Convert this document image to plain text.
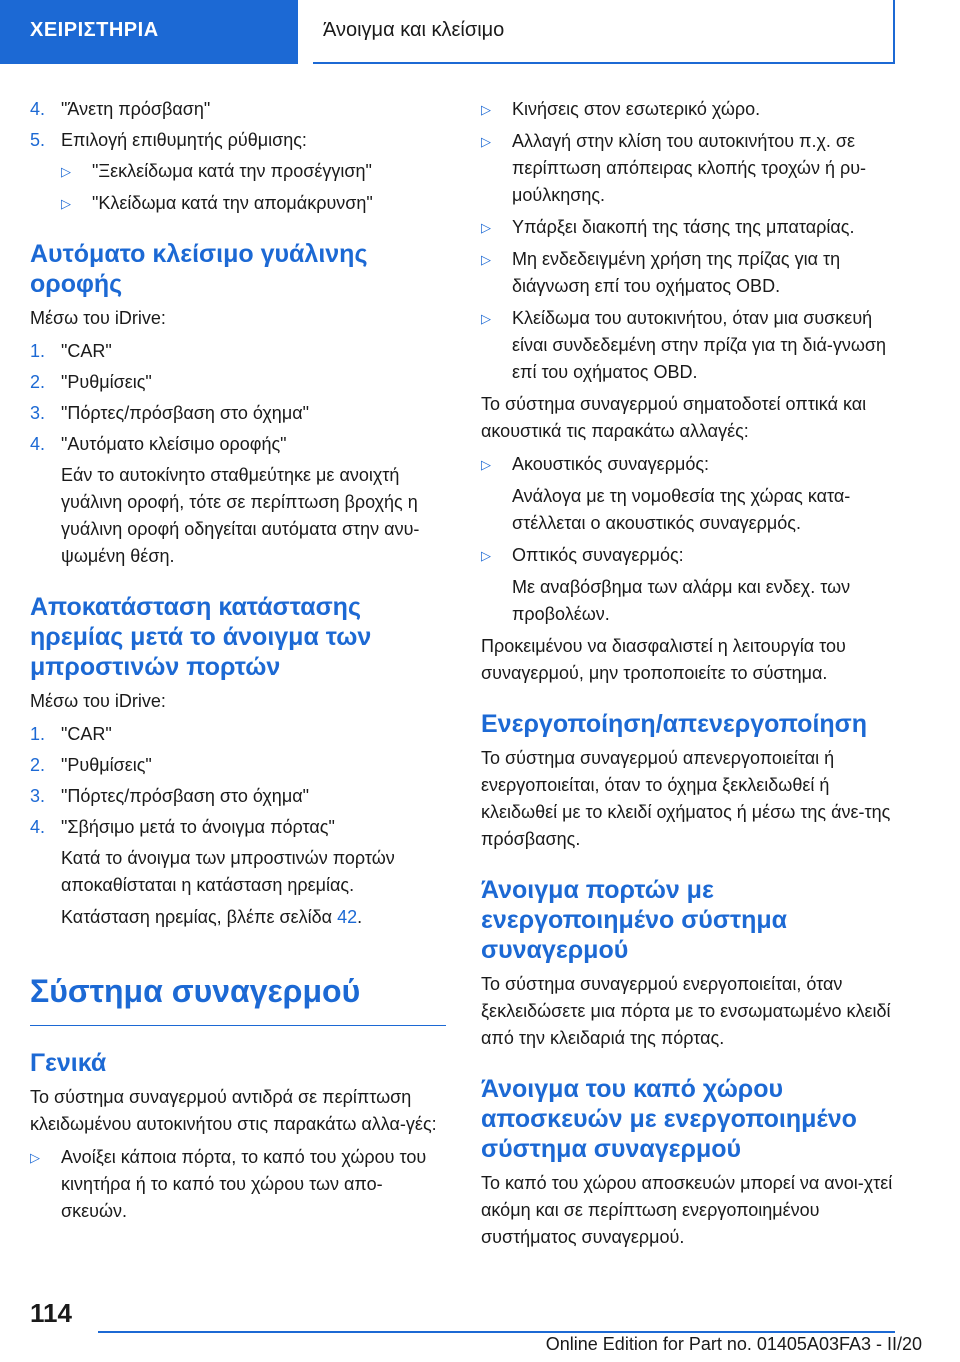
ΧΕΙΡΙΣΤΗΡΙΑ	Άνοιγμα και κλείσιμο
4. "Άνετη πρόσβαση"
5. Επιλογή επιθυμητής ρύθμισης:
▷	"Ξεκλείδωμα κατά την προσέγγιση"
▷	"Κλείδωμα κατά την απομάκρυνση"
Αυτόματο κλείσιμο γυάλινης οροφής

Μέσω του iDrive:

1. "CAR"
2. "Ρυθμίσεις"
3. "Πόρτες/πρόσβαση στο όχημα"
4. "Αυτόματο κλείσιμο οροφής"

Εάν το αυτοκίνητο σταθμεύτηκε με ανοιχτή γυάλινη οροφή, τότε σε περίπτωση βροχής η γυάλινη οροφή οδηγείται αυτόματα στην ανυ-ψωμένη θέση.

Αποκατάσταση κατάστασης ηρεμίας μετά το άνοιγμα των μπροστινών πορτών

Μέσω του iDrive:

1. "CAR"
2. "Ρυθμίσεις"
3. "Πόρτες/πρόσβαση στο όχημα"
4. "Σβήσιμο μετά το άνοιγμα πόρτας"

Κατά το άνοιγμα των μπροστινών πορτών αποκαθίσταται η κατάσταση ηρεμίας.

Κατάσταση ηρεμίας, βλέπε σελίδα 42.

Σύστημα συναγερμού
Γενικά

Το σύστημα συναγερμού αντιδρά σε περίπτωση κλειδωμένου αυτοκινήτου στις παρακάτω αλλα-γές:

▷	Ανοίξει κάποια πόρτα, το καπό του χώρου του κινητήρα ή το καπό του χώρου των απο-σκευών.
▷	Κινήσεις στον εσωτερικό χώρο.
▷	Αλλαγή στην κλίση του αυτοκινήτου π.χ. σε περίπτωση απόπειρας κλοπής τροχών ή ρυ-μούλκησης.
▷	Υπάρξει διακοπή της τάσης της μπαταρίας.
▷	Μη ενδεδειγμένη χρήση της πρίζας για τη διάγνωση επί του οχήματος OBD.
▷	Κλείδωμα του αυτοκινήτου, όταν μια συσκευή είναι συνδεδεμένη στην πρίζα για τη διά-γνωση επί του οχήματος OBD.

Το σύστημα συναγερμού σηματοδοτεί οπτικά και ακουστικά τις παρακάτω αλλαγές:

▷	Ακουστικός συναγερμός:

Ανάλογα με τη νομοθεσία της χώρας κατα-στέλλεται ο ακουστικός συναγερμός.

▷	Οπτικός συναγερμός:

Με αναβόσβημα των αλάρμ και ενδεχ. των προβολέων.

Προκειμένου να διασφαλιστεί η λειτουργία του συναγερμού, μην τροποποιείτε το σύστημα.

Ενεργοποίηση/απενεργοποίηση

Το σύστημα συναγερμού απενεργοποιείται ή ενεργοποιείται, όταν το όχημα ξεκλειδωθεί ή κλειδωθεί με το κλειδί οχήματος ή μέσω της άνε-της πρόσβασης.

Άνοιγμα πορτών με ενεργοποιημένο σύστημα συναγερμού

Το σύστημα συναγερμού ενεργοποιείται, όταν ξεκλειδώσετε μια πόρτα με το ενσωματωμένο κλειδί από την κλειδαριά της πόρτας.

Άνοιγμα του καπό χώρου αποσκευών με ενεργοποιημένο σύστημα συναγερμού

Το καπό του χώρου αποσκευών μπορεί να ανοι-χτεί ακόμη και σε περίπτωση ενεργοποιημένου συστήματος συναγερμού.

114
Online Edition for Part no. 01405A03FA3 - II/20
